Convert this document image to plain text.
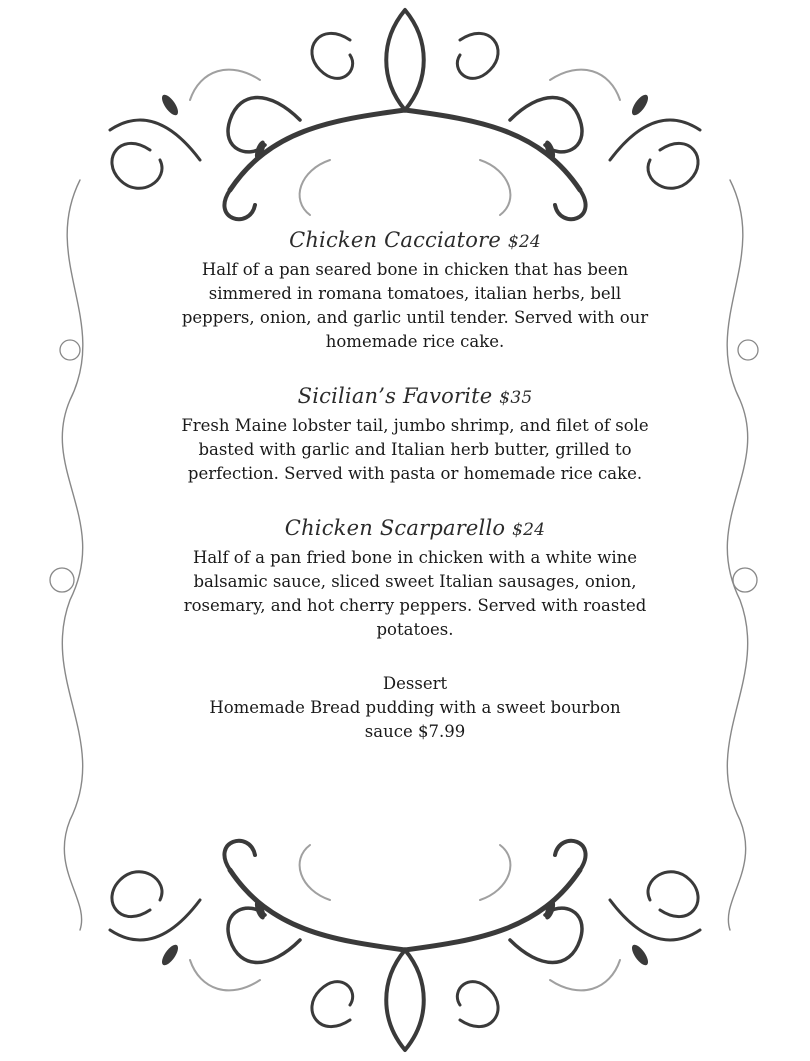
Chicken Cacciatore $24
Half of a pan seared bone in chicken that has been simmered in romana tomatoes, italian herbs, bell peppers, onion, and garlic until tender. Served with our homemade rice cake.
Sicilian’s Favorite $35
Fresh Maine lobster tail, jumbo shrimp, and filet of sole basted with garlic and Italian herb butter, grilled to perfection. Served with pasta or homemade rice cake.
Chicken Scarparello $24
Half of a pan fried bone in chicken with a white wine balsamic sauce, sliced sweet Italian sausages, onion, rosemary, and hot cherry peppers. Served with roasted potatoes.
Dessert
Homemade Bread pudding with a sweet bourbon
sauce $7.99
